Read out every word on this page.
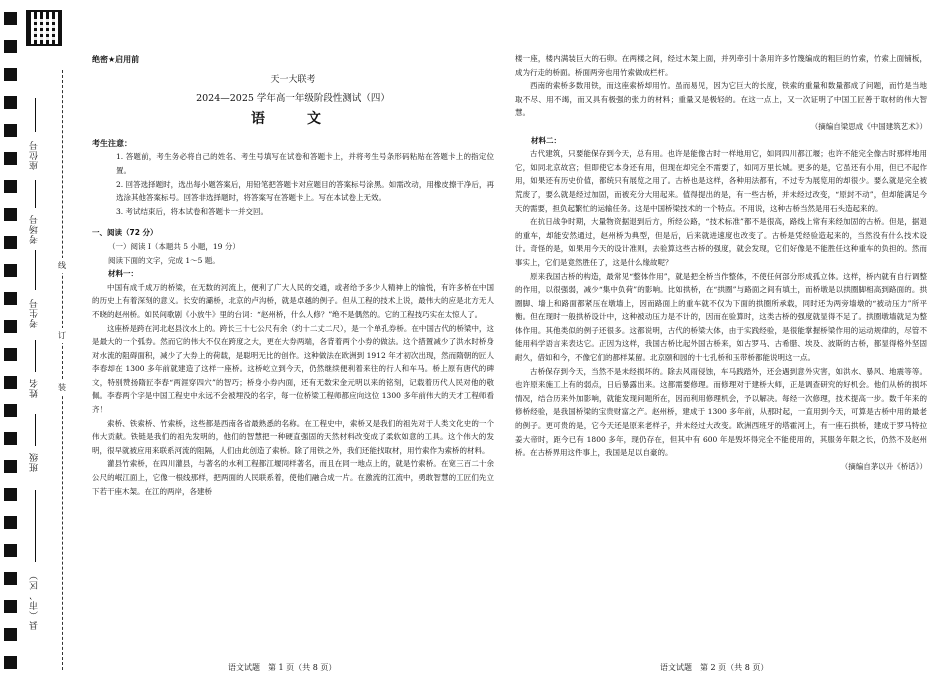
座位号
考场号
考生号
姓名
班级
县（市、区）
线
订
装
绝密★启用前
天一大联考
2024—2025 学年高一年级阶段性测试（四）
语　文
考生注意：

1. 答题前，考生务必将自己的姓名、考生号填写在试卷和答题卡上，并将考生号条形码粘贴在答题卡上的指定位置。

2. 回答选择题时，选出每小题答案后，用铅笔把答题卡对应题目的答案标号涂黑。如需改动，用橡皮擦干净后，再选涂其他答案标号。回答非选择题时，将答案写在答题卡上。写在本试卷上无效。

3. 考试结束后，将本试卷和答题卡一并交回。

一、阅读（72 分）

（一）阅读 I（本题共 5 小题，19 分）

阅读下面的文字，完成 1～5 题。

材料一：

中国有成千成万的桥梁，在无数的河流上，便利了广大人民的交通，或者给予多少人精神上的愉悦，有许多桥在中国的历史上有着深刻的意义。长安的灞桥，北京的卢沟桥，就是卓越的例子。但从工程的技术上说，最伟大的应是北方无人不晓的赵州桥。如民间歌剧《小放牛》里的台词：“赵州桥，什么人修？”绝不是偶然的。它的工程技巧实在太惊人了。

这座桥是跨在河北赵县汶水上的。跨长三十七公尺有余（约十二丈二尺），是一个单孔券桥。在中国古代的桥梁中，这是最大的一个弧券。然而它的伟大不仅在跨度之大，更在大券两端，各背着两个小券的做法。这个措置减少了洪水时桥身对水流的阻碍面积，减少了大券上的荷载，是聪明无比的创作。这种做法在欧洲到 1912 年才初次出现，然而隋朝的匠人李春却在 1300 多年前就建造了这样一座桥。这桥屹立到今天，仍然继续便利着来往的行人和车马。桥上原有唐代的碑文，特别赞扬隋匠李春“两涯穿四穴”的智巧；桥身小券内面，还有无数宋金元明以来的铭刻，记载着历代人民对他的敬佩。李春两个字是中国工程史中永远不会被埋没的名字，每一位桥梁工程师都应向这位 1300 多年前伟大的天才工程师看齐！

索桥、铁索桥、竹索桥，这些都是西南各省最熟悉的名称。在工程史中，索桥又是我们的祖先对于人类文化史的一个伟大贡献。铁链是我们的祖先发明的，他们的智慧把一种硬直强固的天然材料改变成了柔软如意的工具。这个伟大的发明，很早就被应用来联系河流的阻隔，人们由此创造了索桥。除了用铁之外，我们还能找取材，用竹索作为索桥的材料。

灌县竹索桥，在四川灌县，与著名的水利工程都江堰同样著名，而且在同一地点上的，就是竹索桥。在宽三百二十余公尺的岷江面上，它像一根线那样，把两面的人民联系着，使他们融合成一片。在激流的江流中，勇敢智慧的工匠们先立下若干座木架。在江的两岸，各建桥

楼一座，楼内满装巨大的石卵。在两楼之间，经过木架上面，并列牵引十条用许多竹篾编成的粗巨的竹索，竹索上面铺板，成为行走的桥面。桥面两旁也用竹索做成栏杆。

西南的索桥多数用铁，而这座索桥却用竹。虽而易见，因为它巨大的长度，铁索的重量和数量都成了问题，而竹是当地取不尽、用不竭，而又具有极强的张力的材料；重量又是极轻的。在这一点上，又一次证明了中国工匠善于取材的伟大智慧。

（摘编自梁思成《中国建筑艺术》）

材料二：

古代建筑，只要能保存到今天，总有用。也许是能像古时一样地用它，如同四川都江堰；也许不能完全像古时那样地用它，如同北京故宫；但即使它本身还有用，但现在却完全不需要了，如同万里长城。更多的是，它虽还有小用，但已不起作用，如果还有历史价值，都统只有展览之用了。古桥也是这样，各种用法都有，不过专为展览用的却很少。要么就是完全被荒废了，要么就是经过加固，而被充分大用起来。值得提出的是，有一些古桥，并未经过改变，“原封不动”，但却能满足今天的需要，担负起繁忙的运输任务。这是中国桥梁技术的一个特点。不用说，这种古桥当然是用石头造起来的。

在抗日战争时期，大量物资据退到后方，所经公路，“技术标准”都不是很高，路线上常有来经加固的古桥。但是，据退的重车，却能安然通过，赵州桥为典型，但是后，后来就进速度也改变了。古桥是凭经验造起来的，当然没有什么技术设计。奇怪的是，如果用今天的设计准则，去验算这些古桥的强度，就会发现，它们好像是不能胜任这种重车的负担的。然而事实上，它们是竟然胜任了，这是什么缘故呢？

原来我国古桥的构造，最常见“整体作用”，就是把全桥当作整体，不使任何部分形成孤立体。这样，桥内就有自行调整的作用，以很强弱，减少“集中负荷”的影响。比如拱桥，在“拱圈”与路面之间有填土，而桥墩是以拱圈脚相高到路面的。拱圈脚、墙上和路面都紧压在墩墙上，因而路面上的重车就不仅为下面的拱圈所承载，同时还为两旁墙墩的“被动压力”所平衡。但在现时一般拱桥设计中，这种被动压力是不计的，因而在验算时，这类古桥的强度就显得不足了。拱圈墩墙就足为整体作用。其他类似的例子还很多。这都说明，古代的桥梁大体，由于实践经验，是很能掌握桥梁作用的运动规律的，尽管不能用科学语言来表达它。正因为这样，我国古桥比起外国古桥来，如古罗马、古希腊、埃及、波斯的古桥，都显得格外坚固耐久，借如和今，不像它们的都样某留。北京颐和园的十七孔桥和玉带桥都能说明这一点。

古桥保存到今天，当然不是未经损坏的。除去风雨侵蚀，车马践踏外，还会遇到意外灾害，如洪水、暴风、地震等等。也许原来施工上有的弱点，日后暴露出来。这都需要修理。而修理对于建桥大师，正是调查研究的好机会。他们从桥的损坏情况，结合历来外加影响，就能发现问题所在，因而利用修理机会，予以解决。每经一次修理，技术提高一步。数千年来的修桥经验，是我国桥梁的宝贵财富之产。赵州桥，建成于 1300 多年前，从那时起，一直用到今天，可算是古桥中用的最老的例子。更可贵的是，它今天还是原来老样子，并未经过大改变。欧洲西班牙的塔霍河上，有一座石拱桥，建成于罗马特拉姜大帝时，距今已有 1800 多年，现仍存在，但其中有 600 年是毁坏得完全不能使用的，其服务年限之长，仍然不及赵州桥。在古桥界用这件事上，我国是足以自豪的。

（摘编自茅以升《桥话》）

语文试题　第 1 页（共 8 页）	语文试题　第 2 页（共 8 页）
